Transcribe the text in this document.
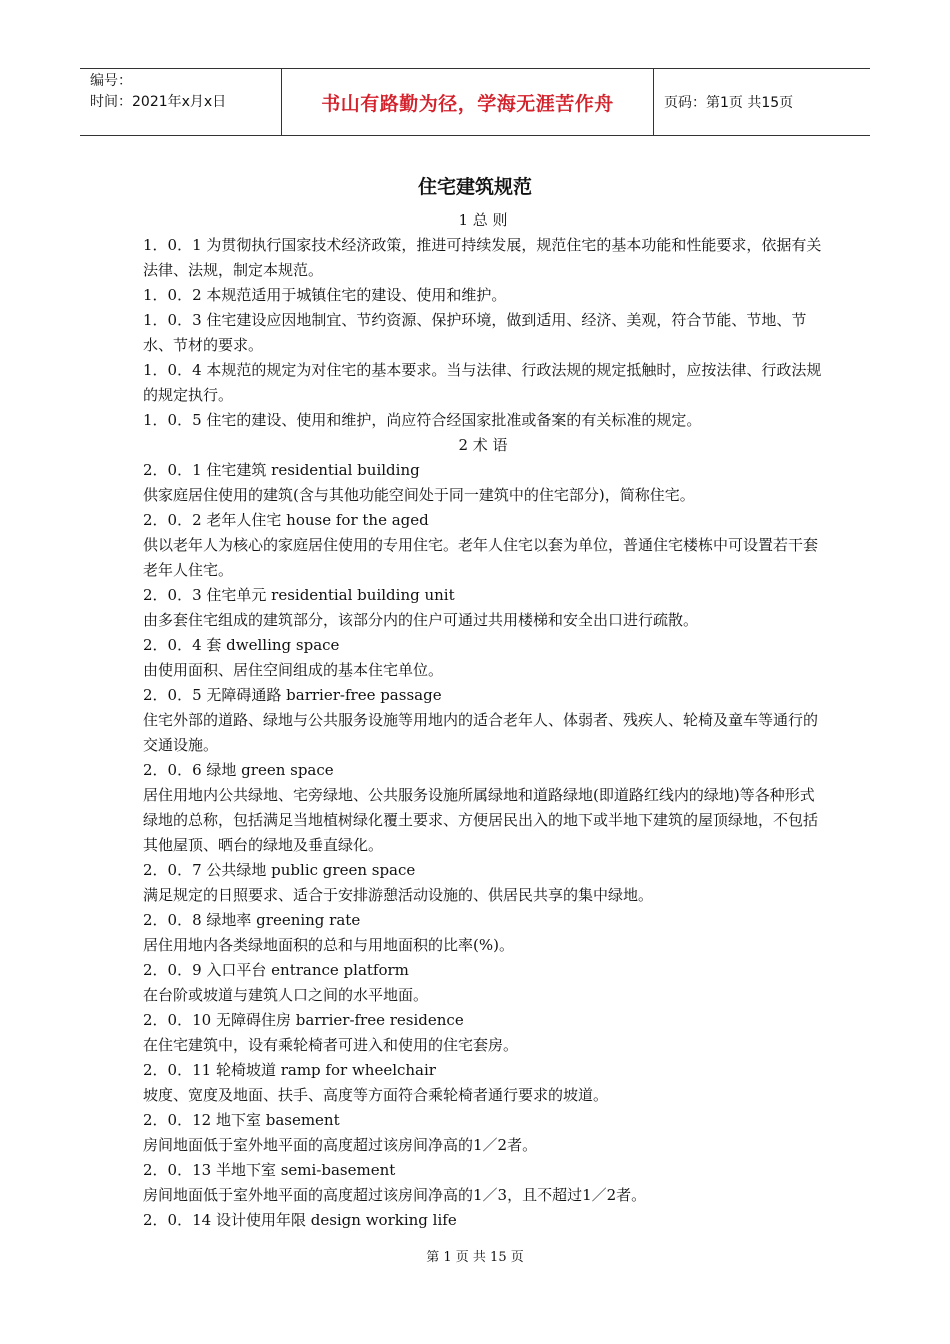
编号：
时间：2021年x月x日	书山有路勤为径，学海无涯苦作舟	页码：第1页 共15页
住宅建筑规范

1 总 则

1．0．1 为贯彻执行国家技术经济政策，推进可持续发展，规范住宅的基本功能和性能要求，依据有关法律、法规，制定本规范。

1．0．2 本规范适用于城镇住宅的建设、使用和维护。

1．0．3 住宅建设应因地制宜、节约资源、保护环境，做到适用、经济、美观，符合节能、节地、节水、节材的要求。

1．0．4 本规范的规定为对住宅的基本要求。当与法律、行政法规的规定抵触时，应按法律、行政法规的规定执行。

1．0．5 住宅的建设、使用和维护，尚应符合经国家批准或备案的有关标准的规定。

2 术 语

2．0．1 住宅建筑 residential building

供家庭居住使用的建筑(含与其他功能空间处于同一建筑中的住宅部分)，简称住宅。

2．0．2 老年人住宅 house for the aged

供以老年人为核心的家庭居住使用的专用住宅。老年人住宅以套为单位，普通住宅楼栋中可设置若干套老年人住宅。

2．0．3 住宅单元 residential building unit

由多套住宅组成的建筑部分，该部分内的住户可通过共用楼梯和安全出口进行疏散。

2．0．4 套 dwelling space

由使用面积、居住空间组成的基本住宅单位。

2．0．5 无障碍通路 barrier-free passage

住宅外部的道路、绿地与公共服务设施等用地内的适合老年人、体弱者、残疾人、轮椅及童车等通行的交通设施。

2．0．6 绿地 green space

居住用地内公共绿地、宅旁绿地、公共服务设施所属绿地和道路绿地(即道路红线内的绿地)等各种形式绿地的总称，包括满足当地植树绿化覆土要求、方便居民出入的地下或半地下建筑的屋顶绿地，不包括其他屋顶、晒台的绿地及垂直绿化。

2．0．7 公共绿地 public green space

满足规定的日照要求、适合于安排游憩活动设施的、供居民共享的集中绿地。

2．0．8 绿地率 greening rate

居住用地内各类绿地面积的总和与用地面积的比率(%)。

2．0．9 入口平台 entrance platform

在台阶或坡道与建筑人口之间的水平地面。

2．0．10 无障碍住房 barrier-free residence

在住宅建筑中，设有乘轮椅者可进入和使用的住宅套房。

2．0．11 轮椅坡道 ramp for wheelchair

坡度、宽度及地面、扶手、高度等方面符合乘轮椅者通行要求的坡道。

2．0．12 地下室 basement

房间地面低于室外地平面的高度超过该房间净高的1／2者。

2．0．13 半地下室 semi-basement

房间地面低于室外地平面的高度超过该房间净高的1／3，且不超过1／2者。

2．0．14 设计使用年限 design working life

第 1 页 共 15 页
